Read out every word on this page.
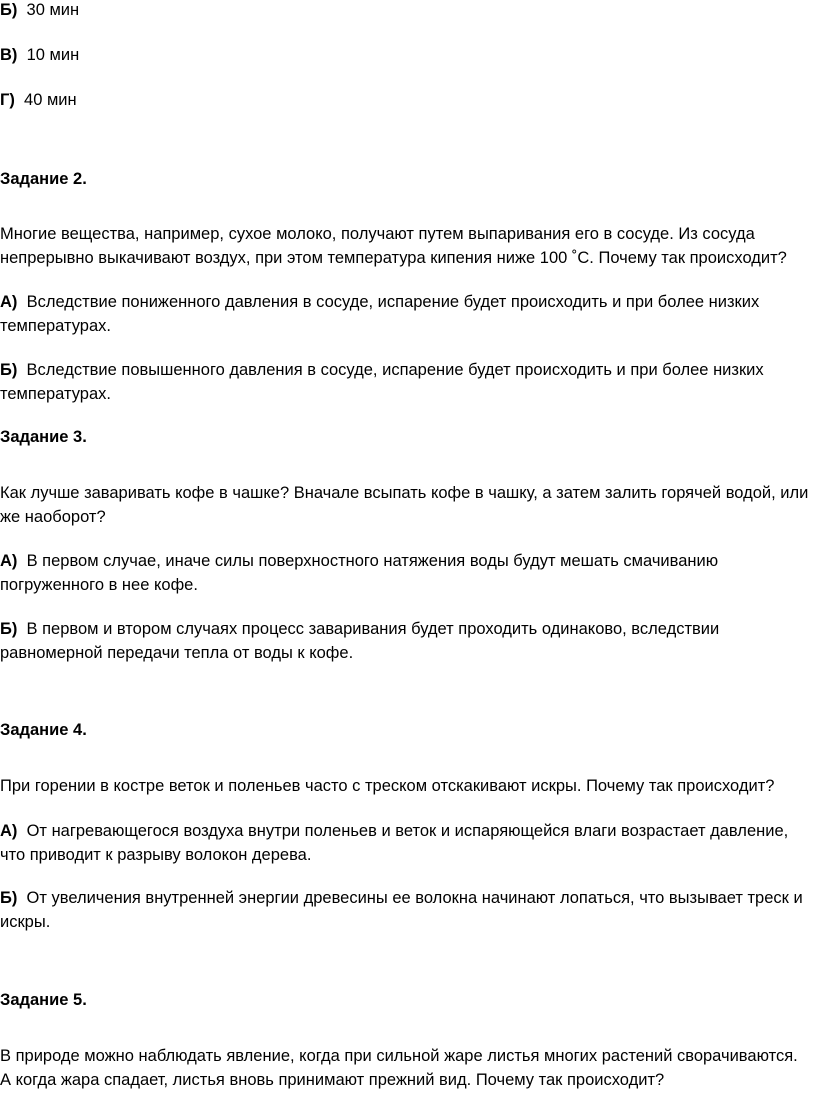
Б) 30 мин

В) 10 мин

Г) 40 мин

Задание 2.

Многие вещества, например, сухое молоко, получают путем выпаривания его в сосуде. Из сосуда непрерывно выкачивают воздух, при этом температура кипения ниже 100 ˚С. Почему так происходит?

А) Вследствие пониженного давления в сосуде, испарение будет происходить и при более низких температурах.

Б) Вследствие повышенного давления в сосуде, испарение будет происходить и при более низких температурах.

Задание 3.

Как лучше заваривать кофе в чашке? Вначале всыпать кофе в чашку, а затем залить горячей водой, или же наоборот?

А) В первом случае, иначе силы поверхностного натяжения воды будут мешать смачиванию погруженного в нее кофе.

Б) В первом и втором случаях процесс заваривания будет проходить одинаково, вследствии равномерной передачи тепла от воды к кофе.

Задание 4.

При горении в костре веток и поленьев часто с треском отскакивают искры. Почему так происходит?

А) От нагревающегося воздуха внутри поленьев и веток и испаряющейся влаги возрастает давление, что приводит к разрыву волокон дерева.

Б) От увеличения внутренней энергии древесины ее волокна начинают лопаться, что вызывает треск и искры.

Задание 5.

В природе можно наблюдать явление, когда при сильной жаре листья многих растений сворачиваются. А когда жара спадает, листья вновь принимают прежний вид. Почему так происходит?
